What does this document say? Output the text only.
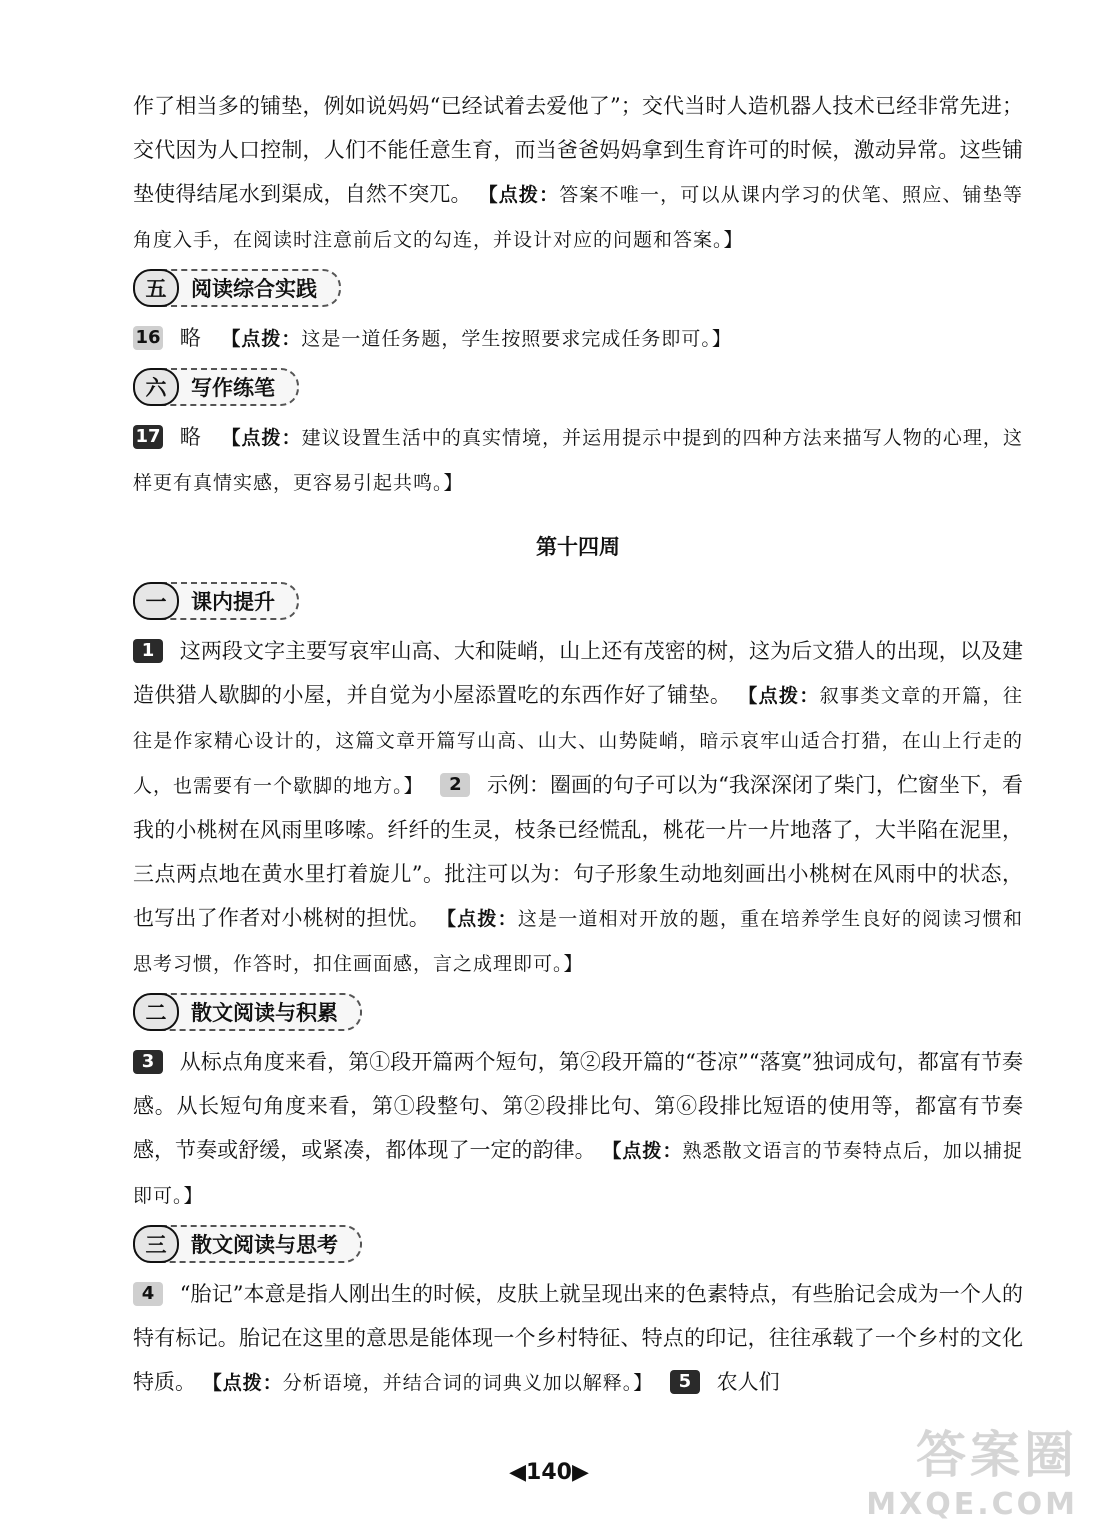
作了相当多的铺垫，例如说妈妈“已经试着去爱他了”；交代当时人造机器人技术已经非常先进；交代因为人口控制，人们不能任意生育，而当爸爸妈妈拿到生育许可的时候，激动异常。这些铺垫使得结尾水到渠成，自然不突兀。 【点拨：答案不唯一，可以从课内学习的伏笔、照应、铺垫等角度入手，在阅读时注意前后文的勾连，并设计对应的问题和答案。】

五	阅读综合实践

16 略 【点拨：这是一道任务题，学生按照要求完成任务即可。】

六	写作练笔

17 略 【点拨：建议设置生活中的真实情境，并运用提示中提到的四种方法来描写人物的心理，这样更有真情实感，更容易引起共鸣。】

第十四周
一	课内提升

1 这两段文字主要写哀牢山高、大和陡峭，山上还有茂密的树，这为后文猎人的出现，以及建造供猎人歇脚的小屋，并自觉为小屋添置吃的东西作好了铺垫。 【点拨：叙事类文章的开篇，往往是作家精心设计的，这篇文章开篇写山高、山大、山势陡峭，暗示哀牢山适合打猎，在山上行走的人，也需要有一个歇脚的地方。】 2 示例：圈画的句子可以为“我深深闭了柴门，伫窗坐下，看我的小桃树在风雨里哆嗦。纤纤的生灵，枝条已经慌乱，桃花一片一片地落了，大半陷在泥里，三点两点地在黄水里打着旋儿”。批注可以为：句子形象生动地刻画出小桃树在风雨中的状态，也写出了作者对小桃树的担忧。 【点拨：这是一道相对开放的题，重在培养学生良好的阅读习惯和思考习惯，作答时，扣住画面感，言之成理即可。】

二	散文阅读与积累

3 从标点角度来看，第①段开篇两个短句，第②段开篇的“苍凉”“落寞”独词成句，都富有节奏感。从长短句角度来看，第①段整句、第②段排比句、第⑥段排比短语的使用等，都富有节奏感，节奏或舒缓，或紧凑，都体现了一定的韵律。 【点拨：熟悉散文语言的节奏特点后，加以捕捉即可。】

三	散文阅读与思考

4 “胎记”本意是指人刚出生的时候，皮肤上就呈现出来的色素特点，有些胎记会成为一个人的特有标记。胎记在这里的意思是能体现一个乡村特征、特点的印记，往往承载了一个乡村的文化特质。 【点拨：分析语境，并结合词的词典义加以解释。】 5 农人们

◀140▶	答案圈
MXQE.COM
